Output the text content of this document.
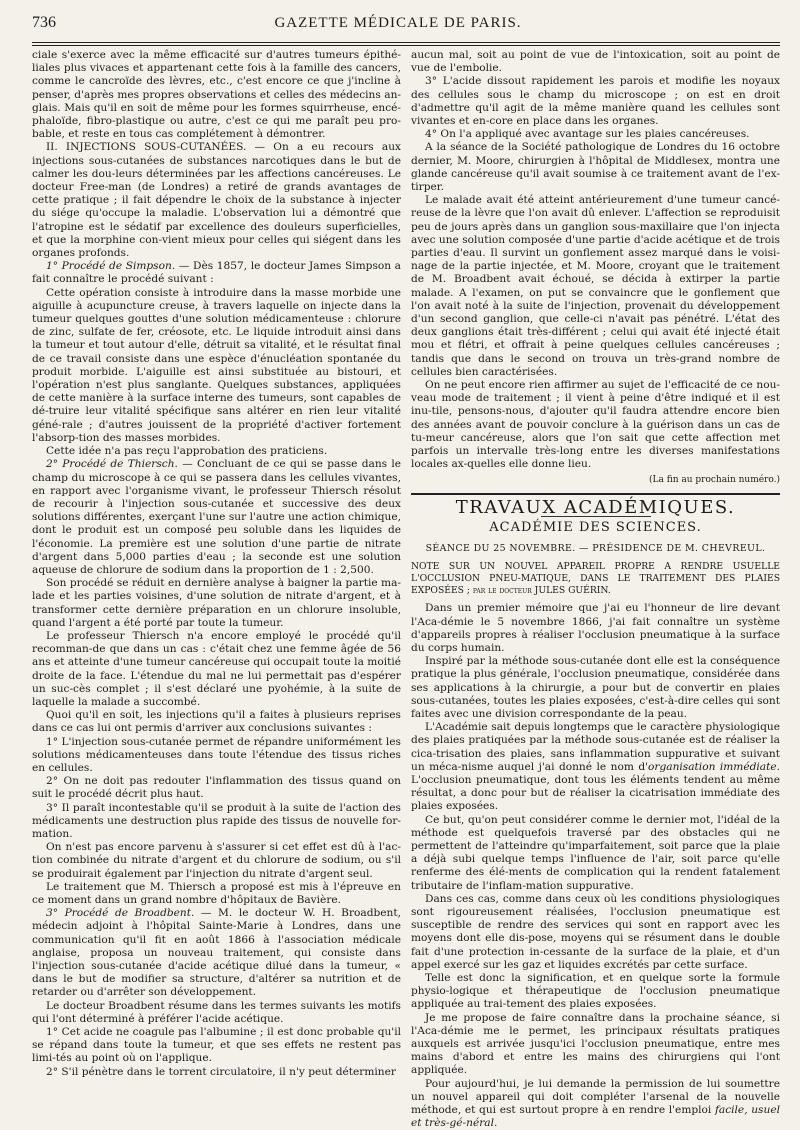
736	GAZETTE MÉDICALE DE PARIS.

ciale s'exerce avec la même efficacité sur d'autres tumeurs épithé-liales plus vivaces et appartenant cette fois à la famille des cancers, comme le cancroïde des lèvres, etc., c'est encore ce que j'incline à penser, d'après mes propres observations et celles des médecins an-glais. Mais qu'il en soit de même pour les formes squirrheuse, encé-phaloïde, fibro-plastique ou autre, c'est ce qui me paraît peu pro-bable, et reste en tous cas complétement à démontrer.

II. INJECTIONS SOUS-CUTANÉES. — On a eu recours aux injections sous-cutanées de substances narcotiques dans le but de calmer les dou-leurs déterminées par les affections cancéreuses. Le docteur Free-man (de Londres) a retiré de grands avantages de cette pratique ; il fait dépendre le choix de la substance à injecter du siége qu'occupe la maladie. L'observation lui a démontré que l'atropine est le sédatif par excellence des douleurs superficielles, et que la morphine con-vient mieux pour celles qui siégent dans les organes profonds.

1° Procédé de Simpson. — Dès 1857, le docteur James Simpson a fait connaître le procédé suivant :

Cette opération consiste à introduire dans la masse morbide une aiguille à acupuncture creuse, à travers laquelle on injecte dans la tumeur quelques gouttes d'une solution médicamenteuse : chlorure de zinc, sulfate de fer, créosote, etc. Le liquide introduit ainsi dans la tumeur et tout autour d'elle, détruit sa vitalité, et le résultat final de ce travail consiste dans une espèce d'énucléation spontanée du produit morbide. L'aiguille est ainsi substituée au bistouri, et l'opération n'est plus sanglante. Quelques substances, appliquées de cette manière à la surface interne des tumeurs, sont capables de dé-truire leur vitalité spécifique sans altérer en rien leur vitalité géné-rale ; d'autres jouissent de la propriété d'activer fortement l'absorp-tion des masses morbides.

Cette idée n'a pas reçu l'approbation des praticiens.

2° Procédé de Thiersch. — Concluant de ce qui se passe dans le champ du microscope à ce qui se passera dans les cellules vivantes, en rapport avec l'organisme vivant, le professeur Thiersch résolut de recourir à l'injection sous-cutanée et successive des deux solutions différentes, exerçant l'une sur l'autre une action chimique, dont le produit est un composé peu soluble dans les liquides de l'économie. La première est une solution d'une partie de nitrate d'argent dans 5,000 parties d'eau ; la seconde est une solution aqueuse de chlorure de sodium dans la proportion de 1 : 2,500.

Son procédé se réduit en dernière analyse à baigner la partie ma-lade et les parties voisines, d'une solution de nitrate d'argent, et à transformer cette dernière préparation en un chlorure insoluble, quand l'argent a été porté par toute la tumeur.

Le professeur Thiersch n'a encore employé le procédé qu'il recomman-de que dans un cas : c'était chez une femme âgée de 56 ans et atteinte d'une tumeur cancéreuse qui occupait toute la moitié droite de la face. L'étendue du mal ne lui permettait pas d'espérer un suc-cès complet ; il s'est déclaré une pyohémie, à la suite de laquelle la malade a succombé.

Quoi qu'il en soit, les injections qu'il a faites à plusieurs reprises dans ce cas lui ont permis d'arriver aux conclusions suivantes :

1° L'injection sous-cutanée permet de répandre uniformément les solutions médicamenteuses dans toute l'étendue des tissus riches en cellules.

2° On ne doit pas redouter l'inflammation des tissus quand on suit le procédé décrit plus haut.

3° Il paraît incontestable qu'il se produit à la suite de l'action des médicaments une destruction plus rapide des tissus de nouvelle for-mation.

On n'est pas encore parvenu à s'assurer si cet effet est dû à l'ac-tion combinée du nitrate d'argent et du chlorure de sodium, ou s'il se produirait également par l'injection du nitrate d'argent seul.

Le traitement que M. Thiersch a proposé est mis à l'épreuve en ce moment dans un grand nombre d'hôpitaux de Bavière.

3° Procédé de Broadbent. — M. le docteur W. H. Broadbent, médecin adjoint à l'hôpital Sainte-Marie à Londres, dans une communication qu'il fit en août 1866 à l'association médicale anglaise, proposa un nouveau traitement, qui consiste dans l'injection sous-cutanée d'acide acétique dilué dans la tumeur, « dans le but de modifier sa structure, d'altérer sa nutrition et de retarder ou d'arrêter son développement.

Le docteur Broadbent résume dans les termes suivants les motifs qui l'ont déterminé à préférer l'acide acétique.

1° Cet acide ne coagule pas l'albumine ; il est donc probable qu'il se répand dans toute la tumeur, et que ses effets ne restent pas limi-tés au point où on l'applique.

2° S'il pénètre dans le torrent circulatoire, il n'y peut déterminer

aucun mal, soit au point de vue de l'intoxication, soit au point de vue de l'embolie.

3° L'acide dissout rapidement les parois et modifie les noyaux des cellules sous le champ du microscope ; on est en droit d'admettre qu'il agit de la même manière quand les cellules sont vivantes et en-core en place dans les organes.

4° On l'a appliqué avec avantage sur les plaies cancéreuses.

A la séance de la Société pathologique de Londres du 16 octobre dernier, M. Moore, chirurgien à l'hôpital de Middlesex, montra une glande cancéreuse qu'il avait soumise à ce traitement avant de l'ex-tirper.

Le malade avait été atteint antérieurement d'une tumeur cancé-reuse de la lèvre que l'on avait dû enlever. L'affection se reproduisit peu de jours après dans un ganglion sous-maxillaire que l'on injecta avec une solution composée d'une partie d'acide acétique et de trois parties d'eau. Il survint un gonflement assez marqué dans le voisi-nage de la partie injectée, et M. Moore, croyant que le traitement de M. Broadbent avait échoué, se décida à extirper la partie malade. A l'examen, on put se convaincre que le gonflement que l'on avait noté à la suite de l'injection, provenait du développement d'un second ganglion, que celle-ci n'avait pas pénétré. L'état des deux ganglions était très-différent ; celui qui avait été injecté était mou et flétri, et offrait à peine quelques cellules cancéreuses ; tandis que dans le second on trouva un très-grand nombre de cellules bien caractérisées.

On ne peut encore rien affirmer au sujet de l'efficacité de ce nou-veau mode de traitement ; il vient à peine d'être indiqué et il est inu-tile, pensons-nous, d'ajouter qu'il faudra attendre encore bien des années avant de pouvoir conclure à la guérison dans un cas de tu-meur cancéreuse, alors que l'on sait que cette affection met parfois un intervalle très-long entre les diverses manifestations locales ax-quelles elle donne lieu.

(La fin au prochain numéro.)
TRAVAUX ACADÉMIQUES.
ACADÉMIE DES SCIENCES.
SÉANCE DU 25 NOVEMBRE. — PRÉSIDENCE DE M. CHEVREUL.

NOTE SUR UN NOUVEL APPAREIL PROPRE A RENDRE USUELLE L'OCCLUSION PNEU-MATIQUE, DANS LE TRAITEMENT DES PLAIES EXPOSÉES ; par le docteur JULES GUÉRIN.

Dans un premier mémoire que j'ai eu l'honneur de lire devant l'Aca-démie le 5 novembre 1866, j'ai fait connaître un système d'appareils propres à réaliser l'occlusion pneumatique à la surface du corps humain.

Inspiré par la méthode sous-cutanée dont elle est la conséquence pratique la plus générale, l'occlusion pneumatique, considérée dans ses applications à la chirurgie, a pour but de convertir en plaies sous-cutanées, toutes les plaies exposées, c'est-à-dire celles qui sont faites avec une division correspondante de la peau.

L'Académie sait depuis longtemps que le caractère physiologique des plaies pratiquées par la méthode sous-cutanée est de réaliser la cica-trisation des plaies, sans inflammation suppurative et suivant un méca-nisme auquel j'ai donné le nom d'organisation immédiate. L'occlusion pneumatique, dont tous les éléments tendent au même résultat, a donc pour but de réaliser la cicatrisation immédiate des plaies exposées.

Ce but, qu'on peut considérer comme le dernier mot, l'idéal de la méthode est quelquefois traversé par des obstacles qui ne permettent de l'atteindre qu'imparfaitement, soit parce que la plaie a déjà subi quelque temps l'influence de l'air, soit parce qu'elle renferme des élé-ments de complication qui la rendent fatalement tributaire de l'inflam-mation suppurative.

Dans ces cas, comme dans ceux où les conditions physiologiques sont rigoureusement réalisées, l'occlusion pneumatique est susceptible de rendre des services qui sont en rapport avec les moyens dont elle dis-pose, moyens qui se résument dans le double fait d'une protection in-cessante de la surface de la plaie, et d'un appel exercé sur les gaz et liquides excrétés par cette surface.

Telle est donc la signification, et en quelque sorte la formule physio-logique et thérapeutique de l'occlusion pneumatique appliquée au trai-tement des plaies exposées.

Je me propose de faire connaître dans la prochaine séance, si l'Aca-démie me le permet, les principaux résultats pratiques auxquels est arrivée jusqu'ici l'occlusion pneumatique, entre mes mains d'abord et entre les mains des chirurgiens qui l'ont appliquée.

Pour aujourd'hui, je lui demande la permission de lui soumettre un nouvel appareil qui doit compléter l'arsenal de la nouvelle méthode, et qui est surtout propre à en rendre l'emploi facile, usuel et très-gé-néral.
